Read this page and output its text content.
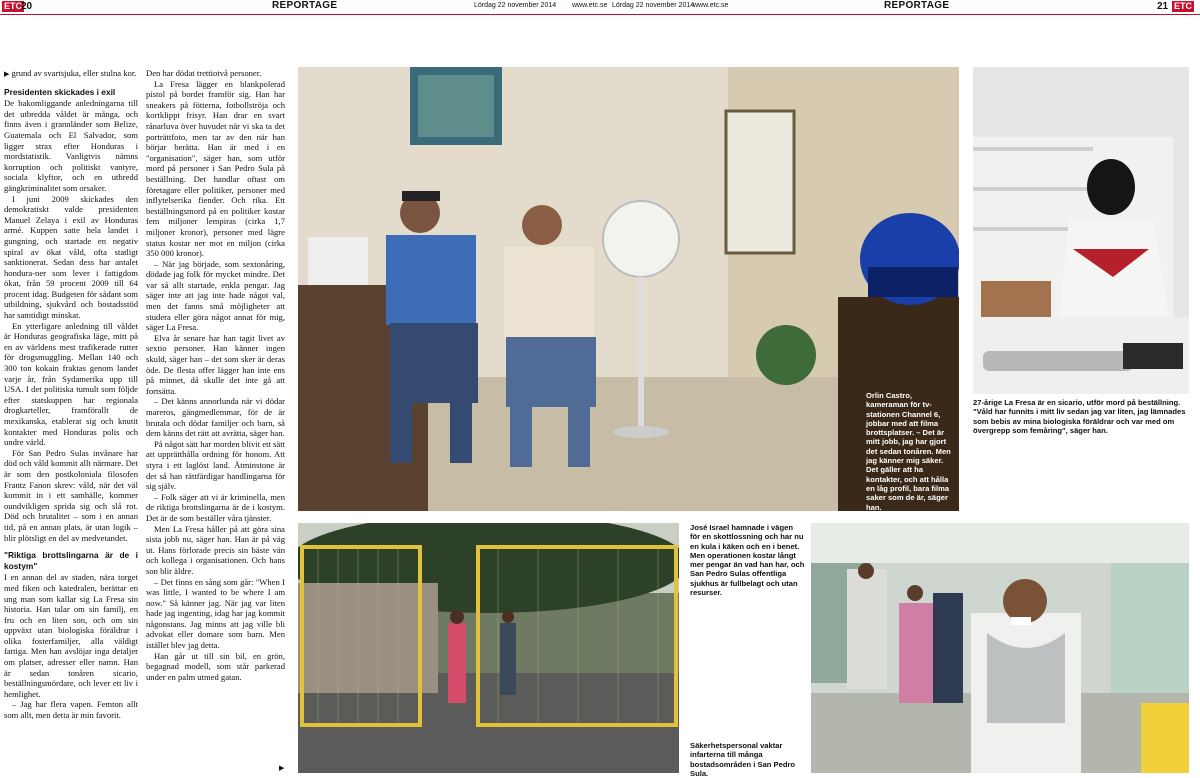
ETC 20	REPORTAGE	Lördag 22 november 2014 www.etc.se Lördag 22 november 2014
www.etc.se	REPORTAGE	21 ETC

▶ grund av svartsjuka, eller stulna kor.

Presidenten skickades i exil

De bakomliggande anledningarna till det utbredda våldet är många, och finns även i grannländer som Belize, Guatemala och El Salvador, som ligger strax efter Honduras i mordstatistik. Vanligtvis nämns korruption och politiskt vantyre, sociala klyftor, och en utbredd gängkriminalitet som orsaker.

I juni 2009 skickades den demokratiskt valde presidenten Manuel Zelaya i exil av Honduras armé. Kuppen satte hela landet i gungning, och startade en negativ spiral av ökat våld, ofta statligt sanktionerat. Sedan dess har antalet hondura-ner som lever i fattigdom ökat, från 59 procent 2009 till 64 procent idag. Budgeten för sådant som utbildning, sjukvård och bostadsstöd har samtidigt minskat.

En ytterligare anledning till våldet är Honduras geografiska läge, mitt på en av världens mest trafikerade rutter för drogsmuggling. Mellan 140 och 300 ton kokain fraktas genom landet varje år, från Sydamerika upp till USA. I det politiska tumult som följde efter statskuppen har regionala drogkarteller, framförallt de mexikanska, etablerat sig och knutit kontakter med Honduras polis och undre värld.

För San Pedro Sulas invånare har död och våld kommit allt närmare. Det är som den postkoloniala filosofen Frantz Fanon skrev: våld, när det väl kommit in i ett samhälle, kommer oundvikligen sprida sig och slå rot. Död och brutalitet – som i en annan tid, på en annan plats, är utan logik – blir plötsligt en del av medvetandet.

"Riktiga brottslingarna är de i kostym"

I en annan del av staden, nära torget med fiken och katedralen, berättar en ung man som kallar sig La Fresa sin historia. Han talar om sin familj, en fru och en liten son, och om sin uppväxt utan biologiska föräldrar i olika fosterfamiljer, alla väldigt fattiga. Men han avslöjar inga detaljer om platser, adresser eller namn. Han är sedan tonåren sicario, beställningsmördare, och lever ett liv i hemlighet.

– Jag har flera vapen. Femton allt som allt, men detta är min favorit.

Den har dödat trettiotvå personer.

La Fresa lägger en blankpolerad pistol på bordet framför sig. Han har sneakers på fötterna, fotbollströja och kortklippt frisyr. Han drar en svart rånarluva över huvudet när vi ska ta det porträttfoto, men tar av den när han börjar berätta. Han är med i en "organisation", säger han, som utför mord på personer i San Pedro Sula på beställning. Det handlar oftast om företagare eller politiker, personer med inflytelserika fiender. Och rika. Ett beställningsmord på en politiker kostar fem miljoner lempiras (cirka 1,7 miljoner kronor), personer med lägre status kostar ner mot en miljon (cirka 350 000 kronor).

– När jag började, som sextonåring, dödade jag folk för mycket mindre. Det var så allt startade, enkla pengar. Jag säger inte att jag inte hade något val, men det fanns små möjligheter att studera eller göra något annat för mig, säger La Fresa.

Elva år senare har han tagit livet av sextio personer. Han känner ingen skuld, säger han – det som sker är deras öde. De flesta offer lägger han inte ens på minnet, då skulle det inte gå att fortsätta.

– Det känns annorlunda när vi dödar mareros, gängmedlemmar, för de är brutala och dödar familjer och barn, så dem känns det rätt att avrätta, säger han.

På något sätt har morden blivit ett sätt att upprätthålla ordning för honom. Att styra i ett laglöst land. Åtminstone är det så han rättfärdigar handlingarna för sig själv.

– Folk säger att vi är kriminella, men de riktiga brottslingarna är de i kostym. Det är de som beställer våra tjänster.

Men La Fresa håller på att göra sina sista jobb nu, säger han. Han är på väg ut. Hans förlorade precis sin bäste vän och kollega i organisationen. Och hans son blir äldre.

– Det finns en sång som går: "When I was little, I wanted to be where I am now." Så känner jag. När jag var liten hade jag ingenting, idag har jag kommit någonstans. Jag minns att jag ville bli advokat eller domare som barn. Men istället blev jag detta.

Han går ut till sin bil, en grön, begagnad modell, som står parkerad under en palm utmed gatan.

▶
Orlin Castro, kameraman för tv-stationen Channel 6, jobbar med att filma brottsplatser. – Det är mitt jobb, jag har gjort det sedan tonåren. Men jag känner mig säker. Det gäller att ha kontakter, och att hålla en låg profil, bara filma saker som de är, säger han.
27-årige La Fresa är en sicario, utför mord på beställning. "Våld har funnits i mitt liv sedan jag var liten, jag lämnades som bebis av mina biologiska föräldrar och var med om övergrepp som femåring", säger han.
Säkerhetspersonal vaktar infarterna till många bostadsområden i San Pedro Sula.
José Israel hamnade i vägen för en skottlossning och har nu en kula i käken och en i benet. Men operationen kostar långt mer pengar än vad han har, och San Pedro Sulas offentliga sjukhus är fullbelagt och utan resurser.
